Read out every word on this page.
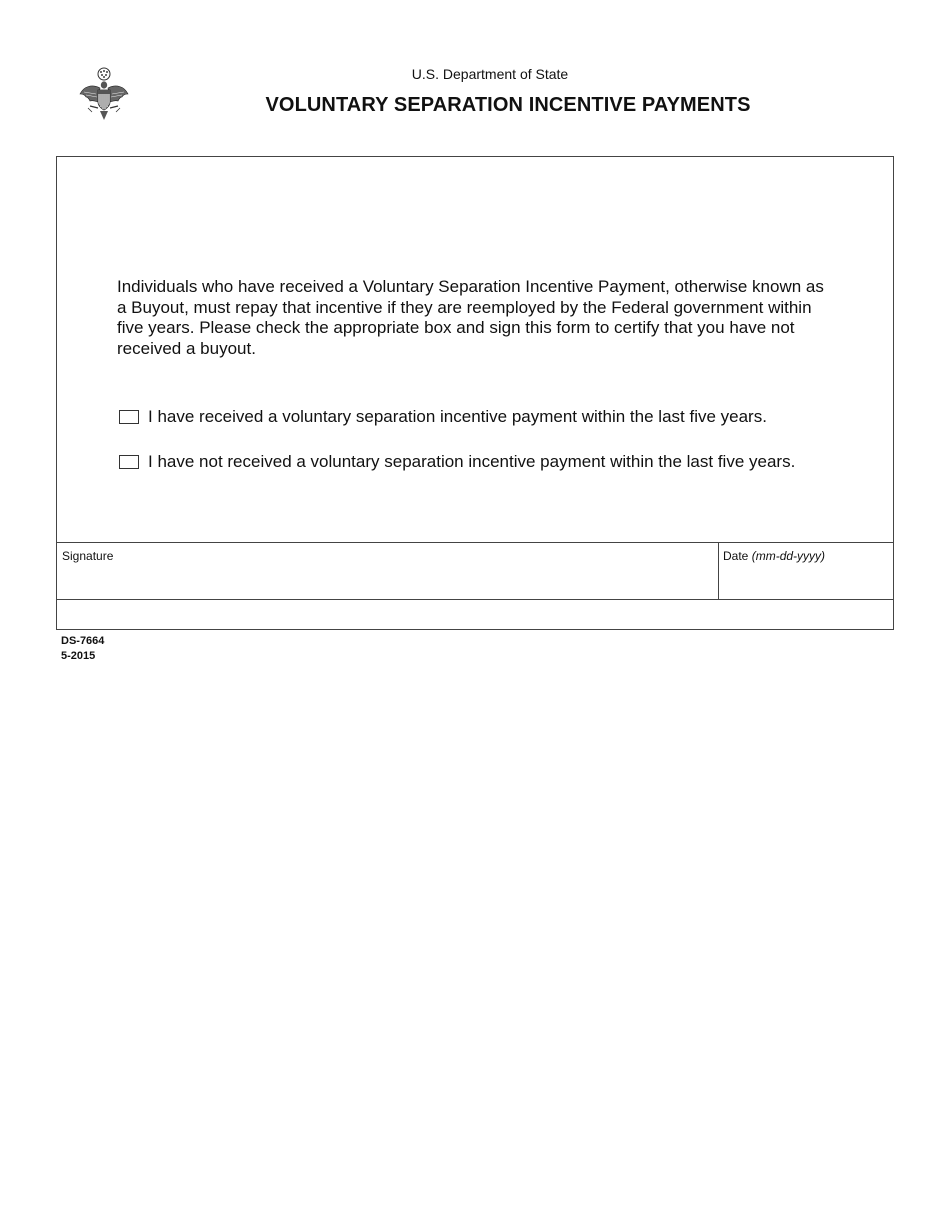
U.S. Department of State
VOLUNTARY SEPARATION INCENTIVE PAYMENTS
Individuals who have received a Voluntary Separation Incentive Payment, otherwise known as a Buyout, must repay that incentive if they are reemployed by the Federal government within five years. Please check the appropriate box and sign this form to certify that you have not received a buyout.
I have received a voluntary separation incentive payment within the last five years.
I have not received a voluntary separation incentive payment within the last five years.
Signature	Date (mm-dd-yyyy)
DS-7664
5-2015
